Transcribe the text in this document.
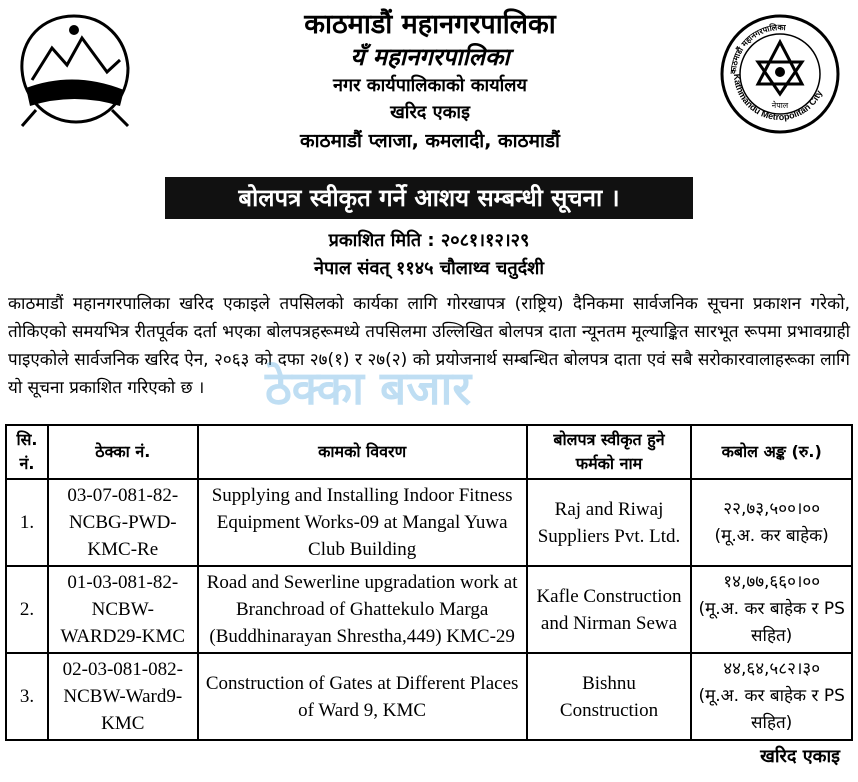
काठमाडौं महानगरपालिका
यँ महानगरपालिका
नगर कार्यपालिकाको कार्यालय
खरिद एकाइ
काठमाडौं प्लाजा, कमलादी, काठमाडौं
Kathmandu Metropolitan City
काठमाडौं महानगरपालिका
नेपाल
बोलपत्र स्वीकृत गर्ने आशय सम्बन्धी सूचना ।
प्रकाशित मिति : २०८१।१२।२९
नेपाल संवत् ११४५ चौलाथ्व चतुर्दशी
काठमाडौं महानगरपालिका खरिद एकाइले तपसिलको कार्यका लागि गोरखापत्र (राष्ट्रिय) दैनिकमा सार्वजनिक सूचना प्रकाशन गरेको, तोकिएको समयभित्र रीतपूर्वक दर्ता भएका बोलपत्रहरूमध्ये तपसिलमा उल्लिखित बोलपत्र दाता न्यूनतम मूल्याङ्कित सारभूत रूपमा प्रभावग्राही पाइएकोले सार्वजनिक खरिद ऐन, २०६३ को दफा २७(१) र २७(२) को प्रयोजनार्थ सम्बन्धित बोलपत्र दाता एवं सबै सरोकारवालाहरूका लागि यो सूचना प्रकाशित गरिएको छ ।	ठेक्का बजार
सि. नं.	ठेक्का नं.	कामको विवरण	बोलपत्र स्वीकृत हुने फर्मको नाम	कबोल अङ्क (रु.)
1.	03-07-081-82-NCBG-PWD-KMC-Re	Supplying and Installing Indoor Fitness Equipment Works-09 at Mangal Yuwa Club Building	Raj and Riwaj Suppliers Pvt. Ltd.	२२,७३,५००।००
(मू.अ. कर बाहेक)

2.	01-03-081-82-NCBW-WARD29-KMC	Road and Sewerline upgradation work at Branchroad of Ghattekulo Marga (Buddhinarayan Shrestha,449) KMC-29	Kafle Construction and Nirman Sewa	१४,७७,६६०।००
(मू.अ. कर बाहेक र PS सहित)

3.	02-03-081-082-NCBW-Ward9-KMC	Construction of Gates at Different Places of Ward 9, KMC	Bishnu Construction	४४,६४,५८२।३०
(मू.अ. कर बाहेक र PS सहित)
खरिद एकाइ
